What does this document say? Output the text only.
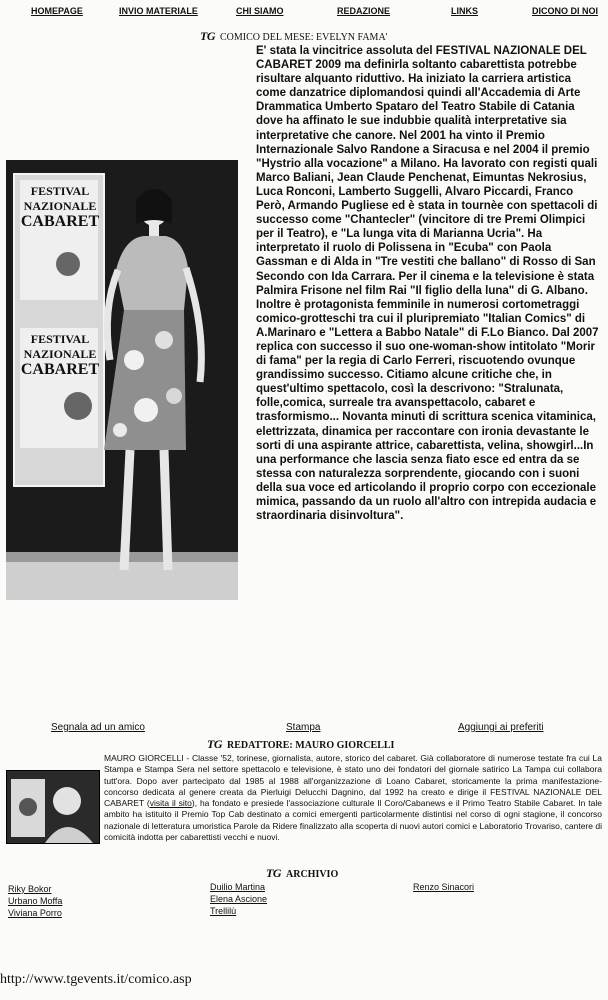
HOMEPAGE	INVIO MATERIALE	CHI SIAMO	REDAZIONE	LINKS	DICONO DI NOI
TG COMICO DEL MESE: EVELYN FAMA'
FESTIVAL
NAZIONALE
CABARET
FESTIVAL
NAZIONALE
CABARET

E' stata la vincitrice assoluta del FESTIVAL NAZIONALE DEL CABARET 2009 ma definirla soltanto cabarettista potrebbe risultare alquanto riduttivo. Ha iniziato la carriera artistica come danzatrice diplomandosi quindi all'Accademia di Arte Drammatica Umberto Spataro del Teatro Stabile di Catania dove ha affinato le sue indubbie qualità interpretative sia interpretative che canore. Nel 2001 ha vinto il Premio Internazionale Salvo Randone a Siracusa e nel 2004 il premio "Hystrio alla vocazione" a Milano. Ha lavorato con registi quali Marco Baliani, Jean Claude Penchenat, Eimuntas Nekrosius, Luca Ronconi, Lamberto Suggelli, Alvaro Piccardi, Franco Però, Armando Pugliese ed è stata in tournèe con spettacoli di successo come "Chantecler" (vincitore di tre Premi Olimpici per il Teatro), e "La lunga vita di Marianna Ucria". Ha interpretato il ruolo di Polissena in "Ecuba" con Paola Gassman e di Alda in "Tre vestiti che ballano" di Rosso di San Secondo con Ida Carrara. Per il cinema e la televisione è stata Palmira Frisone nel film Rai "Il figlio della luna" di G. Albano. Inoltre è protagonista femminile in numerosi cortometraggi comico-grotteschi tra cui il pluripremiato "Italian Comics" di A.Marinaro e "Lettera a Babbo Natale" di F.Lo Bianco. Dal 2007 replica con successo il suo one-woman-show intitolato "Morir di fama" per la regia di Carlo Ferreri, riscuotendo ovunque grandissimo successo. Citiamo alcune critiche che, in quest'ultimo spettacolo, così la descrivono: "Stralunata, folle,comica, surreale tra avanspettacolo, cabaret e trasformismo... Novanta minuti di scrittura scenica vitaminica, elettrizzata, dinamica per raccontare con ironia devastante le sorti di una aspirante attrice, cabarettista, velina, showgirl...In una performance che lascia senza fiato esce ed entra da se stessa con naturalezza sorprendente, giocando con i suoni della sua voce ed articolando il proprio corpo con eccezionale mimica, passando da un ruolo all'altro con intrepida audacia e straordinaria disinvoltura".

Segnala ad un amico	Stampa	Aggiungi ai preferiti
TG REDATTORE: MAURO GIORCELLI

MAURO GIORCELLI - Classe '52, torinese, giornalista, autore, storico del cabaret. Già collaboratore di numerose testate fra cui La Stampa e Stampa Sera nel settore spettacolo e televisione, è stato uno dei fondatori del giornale satirico La Tampa cui collabora tutt'ora. Dopo aver partecipato dal 1985 al 1988 all'organizzazione di Loano Cabaret, storicamente la prima manifestazione-concorso dedicata al genere creata da Pierluigi Delucchi Dagnino, dal 1992 ha creato e dirige il FESTIVAL NAZIONALE DEL CABARET (visita il sito), ha fondato e presiede l'associazione culturale Il Coro/Cabanews e il Primo Teatro Stabile Cabaret. In tale ambito ha istituito il Premio Top Cab destinato a comici emergenti particolarmente distintisi nel corso di ogni stagione, il concorso nazionale di letteratura umoristica Parole da Ridere finalizzato alla scoperta di nuovi autori comici e Laboratorio Trovariso, cantere di comicità indotta per cabarettisti vecchi e nuovi.

TG ARCHIVIO
Riky Bokor
Urbano Moffa
Viviana Porro
Duilio Martina
Elena Ascione
Trellilù
Renzo Sinacori
http://www.tgevents.it/comico.asp
